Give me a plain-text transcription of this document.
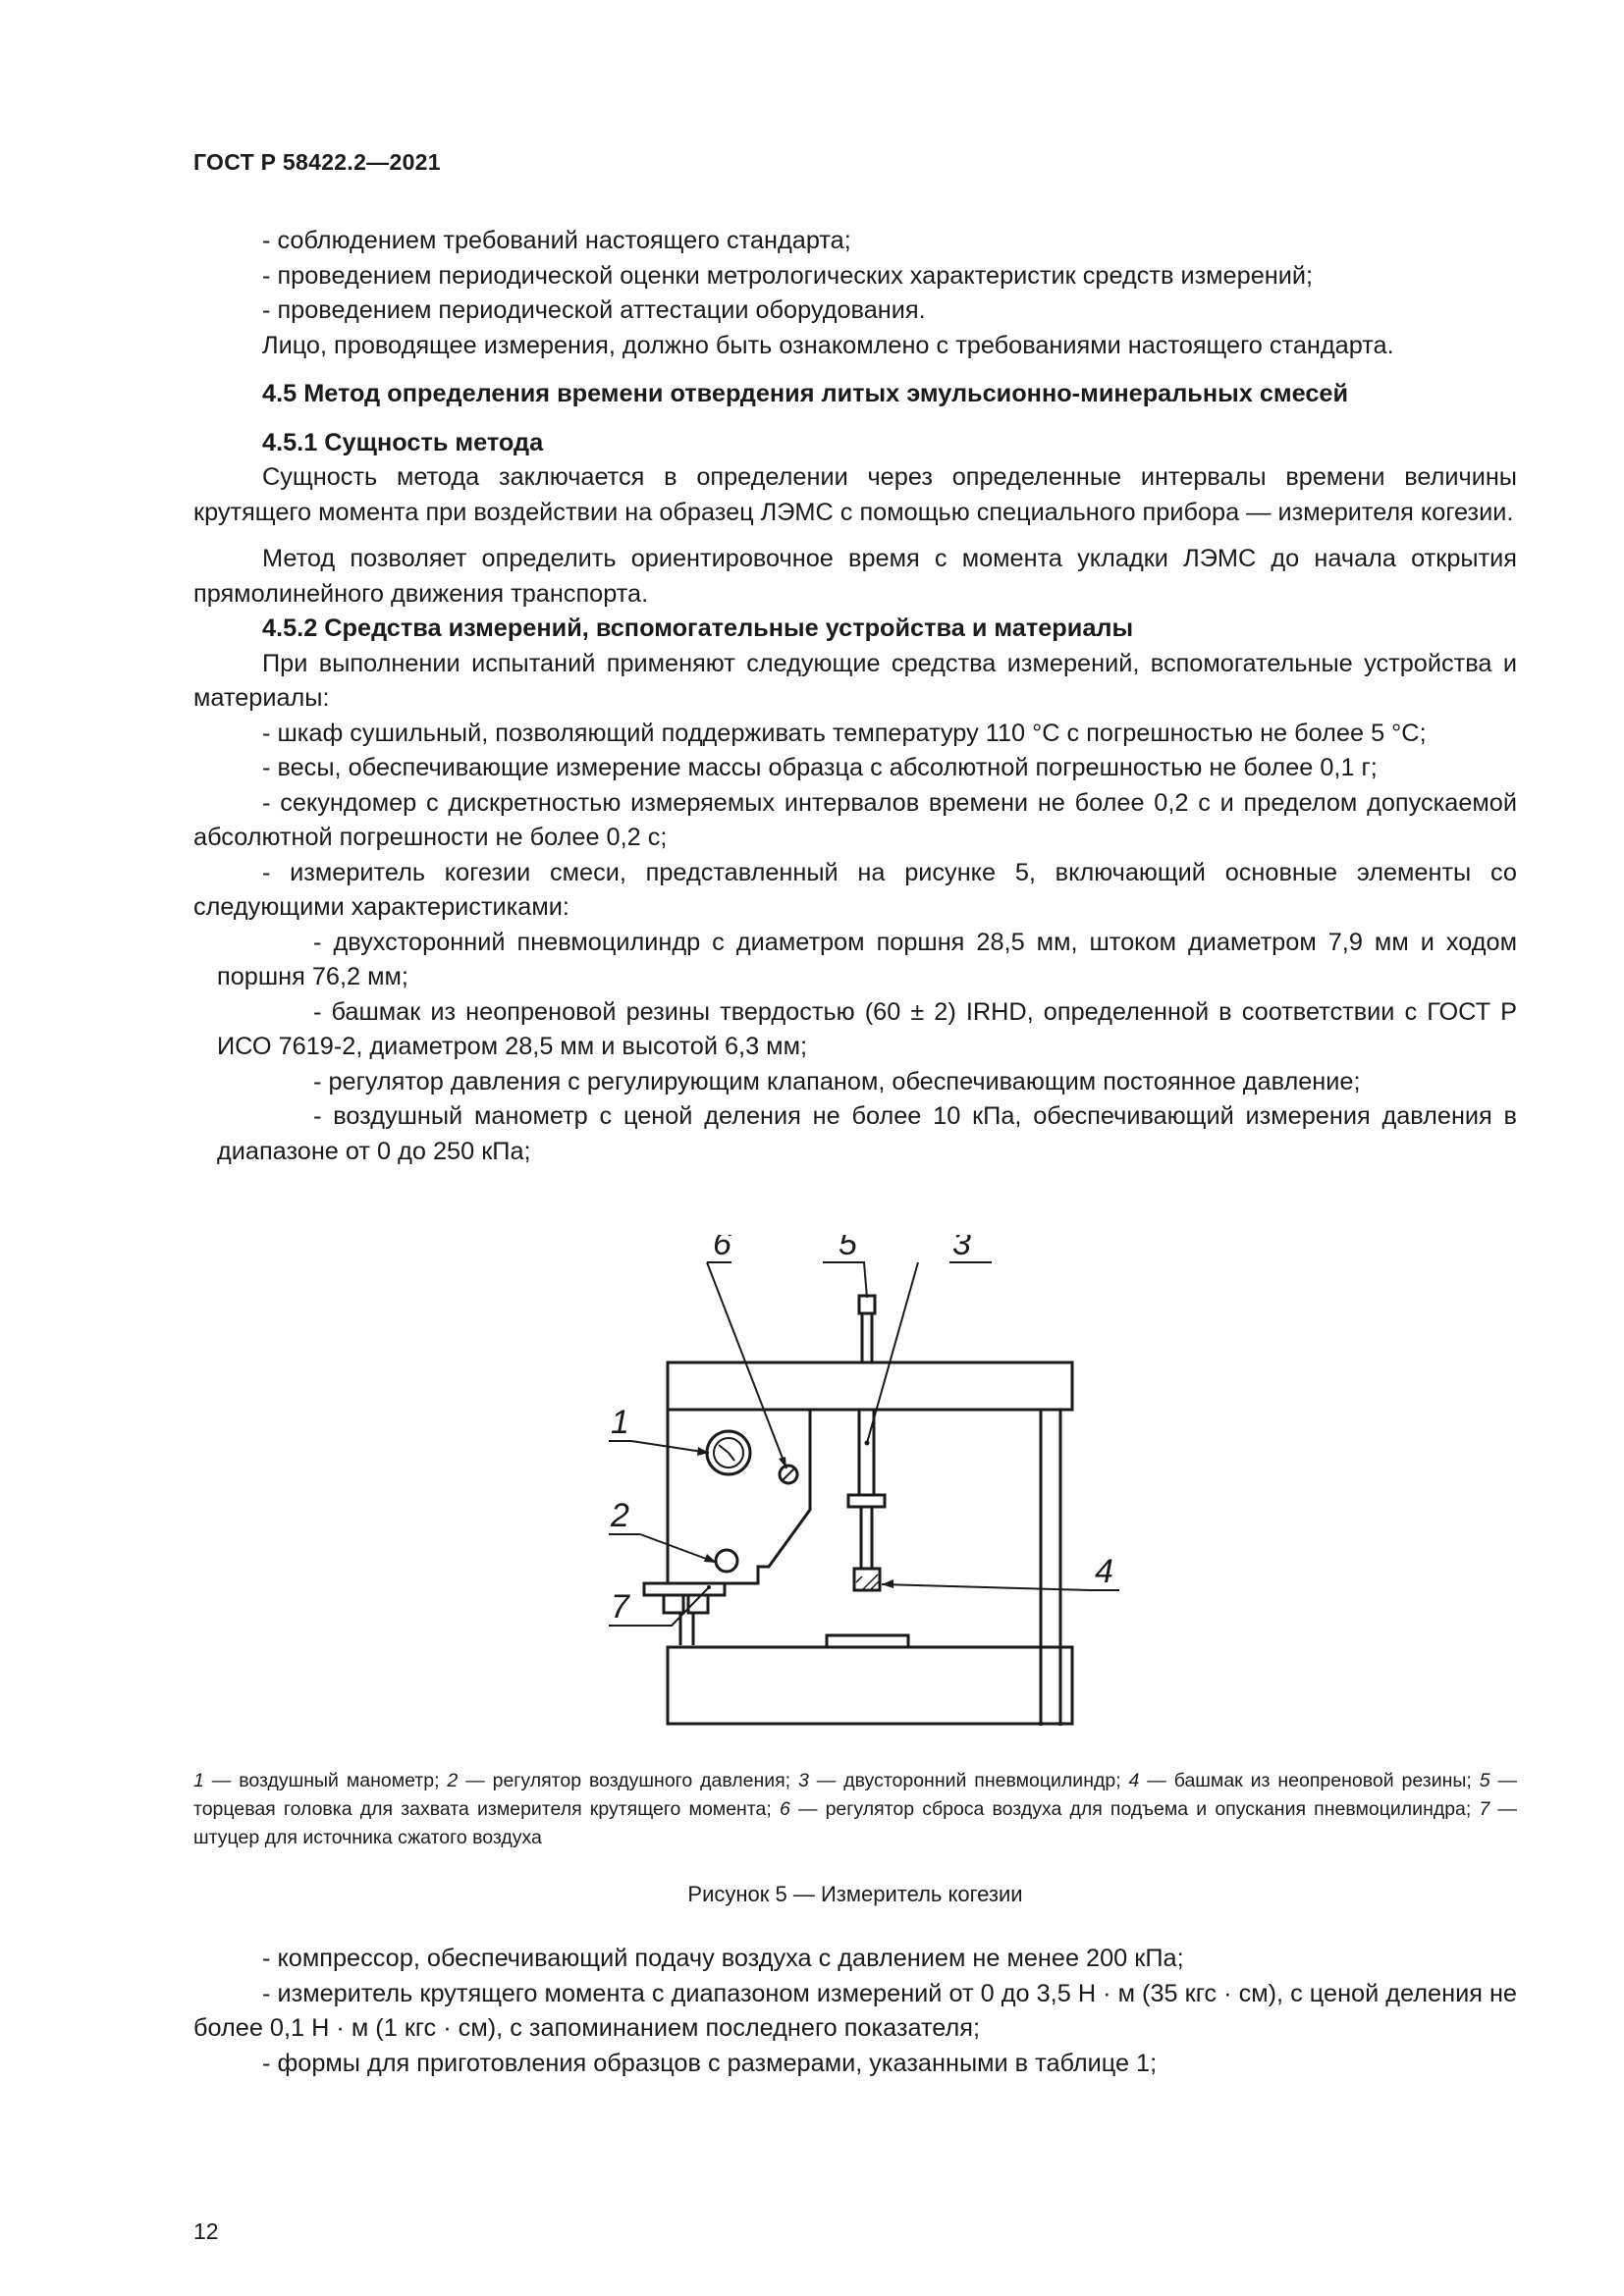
ГОСТ Р 58422.2—2021

- соблюдением требований настоящего стандарта;

- проведением периодической оценки метрологических характеристик средств измерений;

- проведением периодической аттестации оборудования.

Лицо, проводящее измерения, должно быть ознакомлено с требованиями настоящего стандарта.

4.5 Метод определения времени отвердения литых эмульсионно-минеральных смесей

4.5.1 Сущность метода

Сущность метода заключается в определении через определенные интервалы времени величины крутящего момента при воздействии на образец ЛЭМС с помощью специального прибора — измерителя когезии.

Метод позволяет определить ориентировочное время с момента укладки ЛЭМС до начала открытия прямолинейного движения транспорта.

4.5.2 Средства измерений, вспомогательные устройства и материалы

При выполнении испытаний применяют следующие средства измерений, вспомогательные устройства и материалы:

- шкаф сушильный, позволяющий поддерживать температуру 110 °С с погрешностью не более 5 °С;

- весы, обеспечивающие измерение массы образца с абсолютной погрешностью не более 0,1 г;

- секундомер с дискретностью измеряемых интервалов времени не более 0,2 с и пределом допускаемой абсолютной погрешности не более 0,2 с;

- измеритель когезии смеси, представленный на рисунке 5, включающий основные элементы со следующими характеристиками:

- двухсторонний пневмоцилиндр с диаметром поршня 28,5 мм, штоком диаметром 7,9 мм и ходом поршня 76,2 мм;

- башмак из неопреновой резины твердостью (60 ± 2) IRHD, определенной в соответствии с ГОСТ Р ИСО 7619-2, диаметром 28,5 мм и высотой 6,3 мм;

- регулятор давления с регулирующим клапаном, обеспечивающим постоянное давление;

- воздушный манометр с ценой деления не более 10 кПа, обеспечивающий измерения давления в диапазоне от 0 до 250 кПа;

1
2
3
4
5
6
7
1 — воздушный манометр; 2 — регулятор воздушного давления; 3 — двусторонний пневмоцилиндр; 4 — башмак из неопреновой резины; 5 — торцевая головка для захвата измерителя крутящего момента; 6 — регулятор сброса воздуха для подъема и опускания пневмоцилиндра; 7 — штуцер для источника сжатого воздуха
Рисунок 5 — Измеритель когезии

- компрессор, обеспечивающий подачу воздуха с давлением не менее 200 кПа;

- измеритель крутящего момента с диапазоном измерений от 0 до 3,5 Н · м (35 кгс · см), с ценой деления не более 0,1 Н · м (1 кгс · см), с запоминанием последнего показателя;

- формы для приготовления образцов с размерами, указанными в таблице 1;

12
